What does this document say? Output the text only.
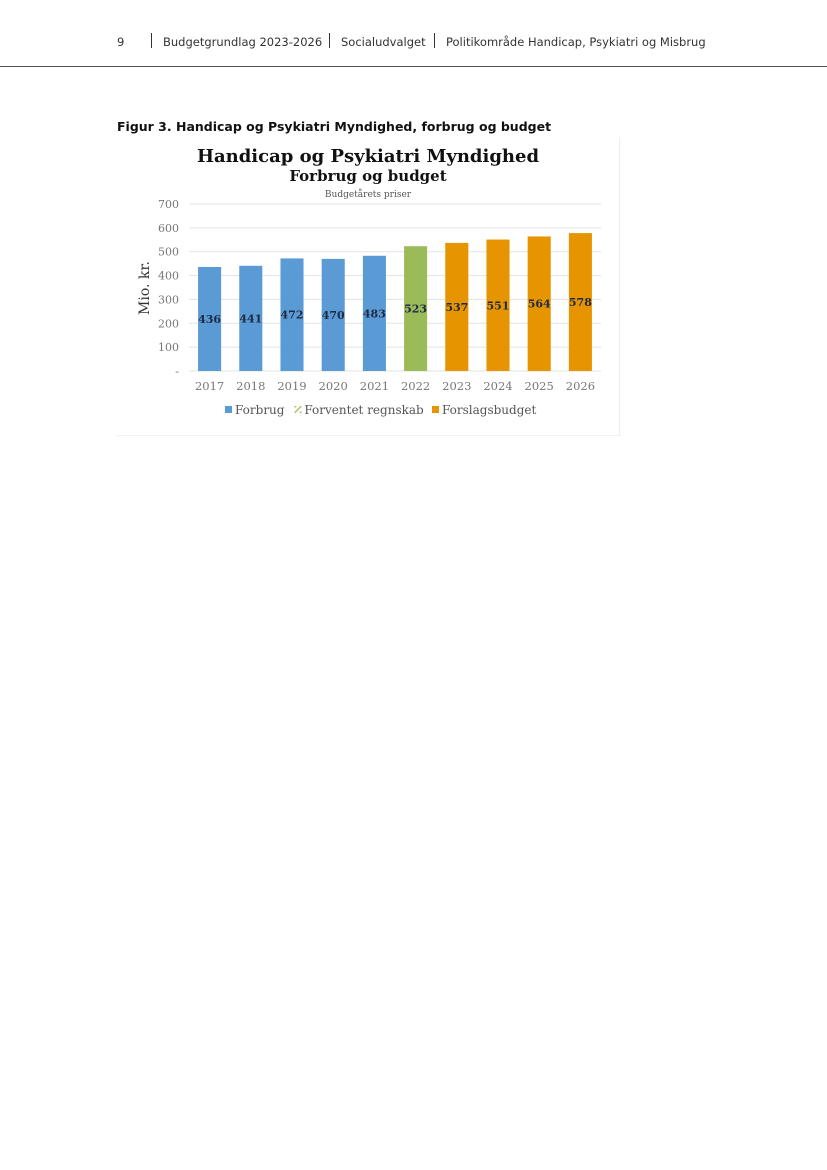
9	Budgetgrundlag 2023-2026 Socialudvalget Politikområde Handicap, Psykiatri og Misbrug
Figur 3. Handicap og Psykiatri Myndighed, forbrug og budget
Handicap og Psykiatri Myndighed
Forbrug og budget
Budgetårets priser
Mio. kr.
-
100
200
300
400
500
600
700
436
2017
441
2018
472
2019
470
2020
483
2021
523
2022
537
2023
551
2024
564
2025
578
2026
Forbrug Forventet regnskab Forslagsbudget
